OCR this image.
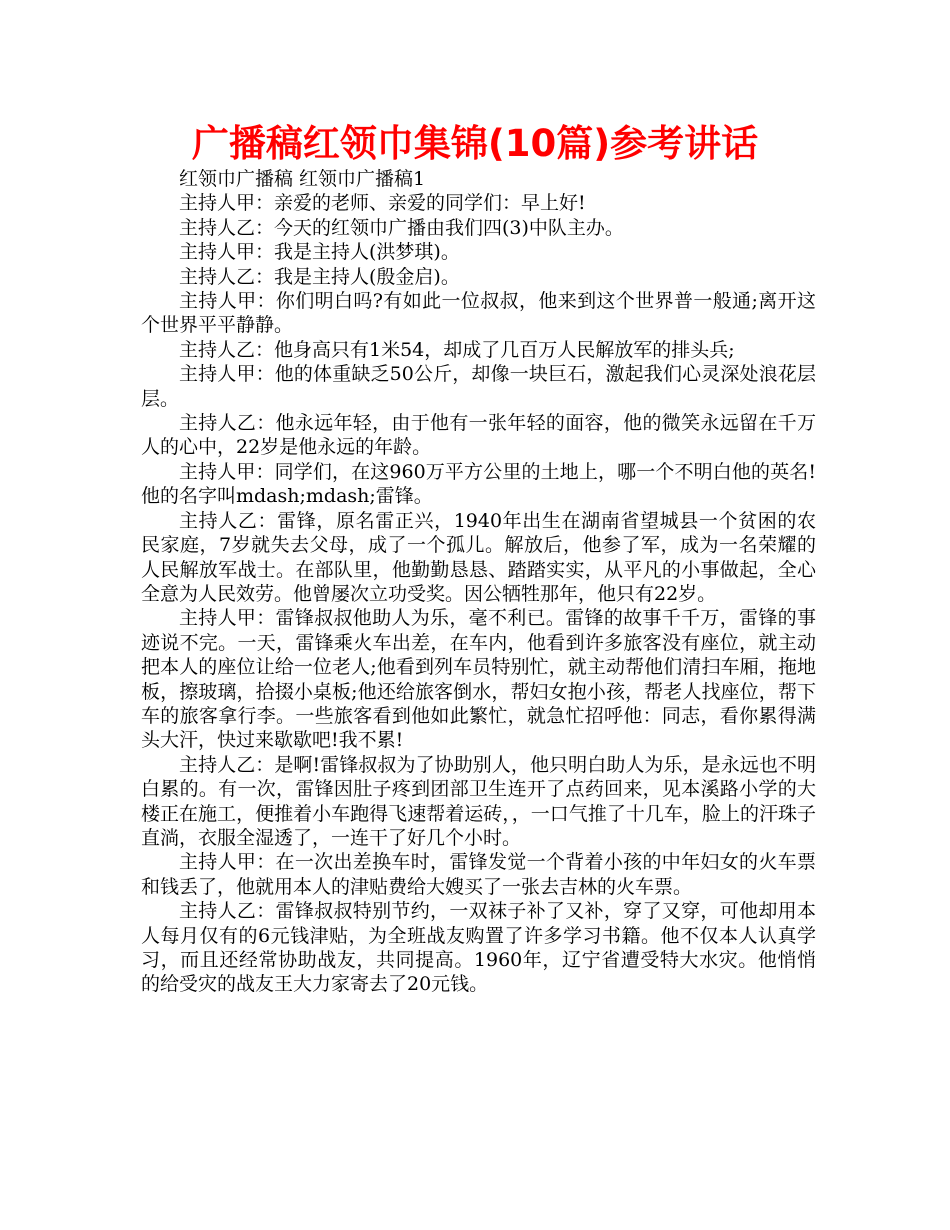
广播稿红领巾集锦(10篇)参考讲话

红领巾广播稿 红领巾广播稿1

主持人甲：亲爱的老师、亲爱的同学们：早上好!

主持人乙：今天的红领巾广播由我们四(3)中队主办。

主持人甲：我是主持人(洪梦琪)。

主持人乙：我是主持人(殷金启)。

主持人甲：你们明白吗?有如此一位叔叔，他来到这个世界普一般通;离开这个世界平平静静。

主持人乙：他身高只有1米54，却成了几百万人民解放军的排头兵;

主持人甲：他的体重缺乏50公斤，却像一块巨石，激起我们心灵深处浪花层层。

主持人乙：他永远年轻，由于他有一张年轻的面容，他的微笑永远留在千万人的心中，22岁是他永远的年龄。

主持人甲：同学们，在这960万平方公里的土地上，哪一个不明白他的英名!他的名字叫mdash;mdash;雷锋。

主持人乙：雷锋，原名雷正兴，1940年出生在湖南省望城县一个贫困的农民家庭，7岁就失去父母，成了一个孤儿。解放后，他参了军，成为一名荣耀的人民解放军战士。在部队里，他勤勤恳恳、踏踏实实，从平凡的小事做起，全心全意为人民效劳。他曾屡次立功受奖。因公牺牲那年，他只有22岁。

主持人甲：雷锋叔叔他助人为乐，毫不利已。雷锋的故事千千万，雷锋的事迹说不完。一天，雷锋乘火车出差，在车内，他看到许多旅客没有座位，就主动把本人的座位让给一位老人;他看到列车员特别忙，就主动帮他们清扫车厢，拖地板，擦玻璃，拾掇小桌板;他还给旅客倒水，帮妇女抱小孩，帮老人找座位，帮下车的旅客拿行李。一些旅客看到他如此繁忙，就急忙招呼他：同志，看你累得满头大汗，快过来歇歇吧!我不累!

主持人乙：是啊!雷锋叔叔为了协助别人，他只明白助人为乐，是永远也不明白累的。有一次，雷锋因肚子疼到团部卫生连开了点药回来，见本溪路小学的大楼正在施工，便推着小车跑得飞速帮着运砖，，一口气推了十几车，脸上的汗珠子直淌，衣服全湿透了，一连干了好几个小时。

主持人甲：在一次出差换车时，雷锋发觉一个背着小孩的中年妇女的火车票和钱丢了，他就用本人的津贴费给大嫂买了一张去吉林的火车票。

主持人乙：雷锋叔叔特别节约，一双袜子补了又补，穿了又穿，可他却用本人每月仅有的6元钱津贴，为全班战友购置了许多学习书籍。他不仅本人认真学习，而且还经常协助战友，共同提高。1960年，辽宁省遭受特大水灾。他悄悄的给受灾的战友王大力家寄去了20元钱。
